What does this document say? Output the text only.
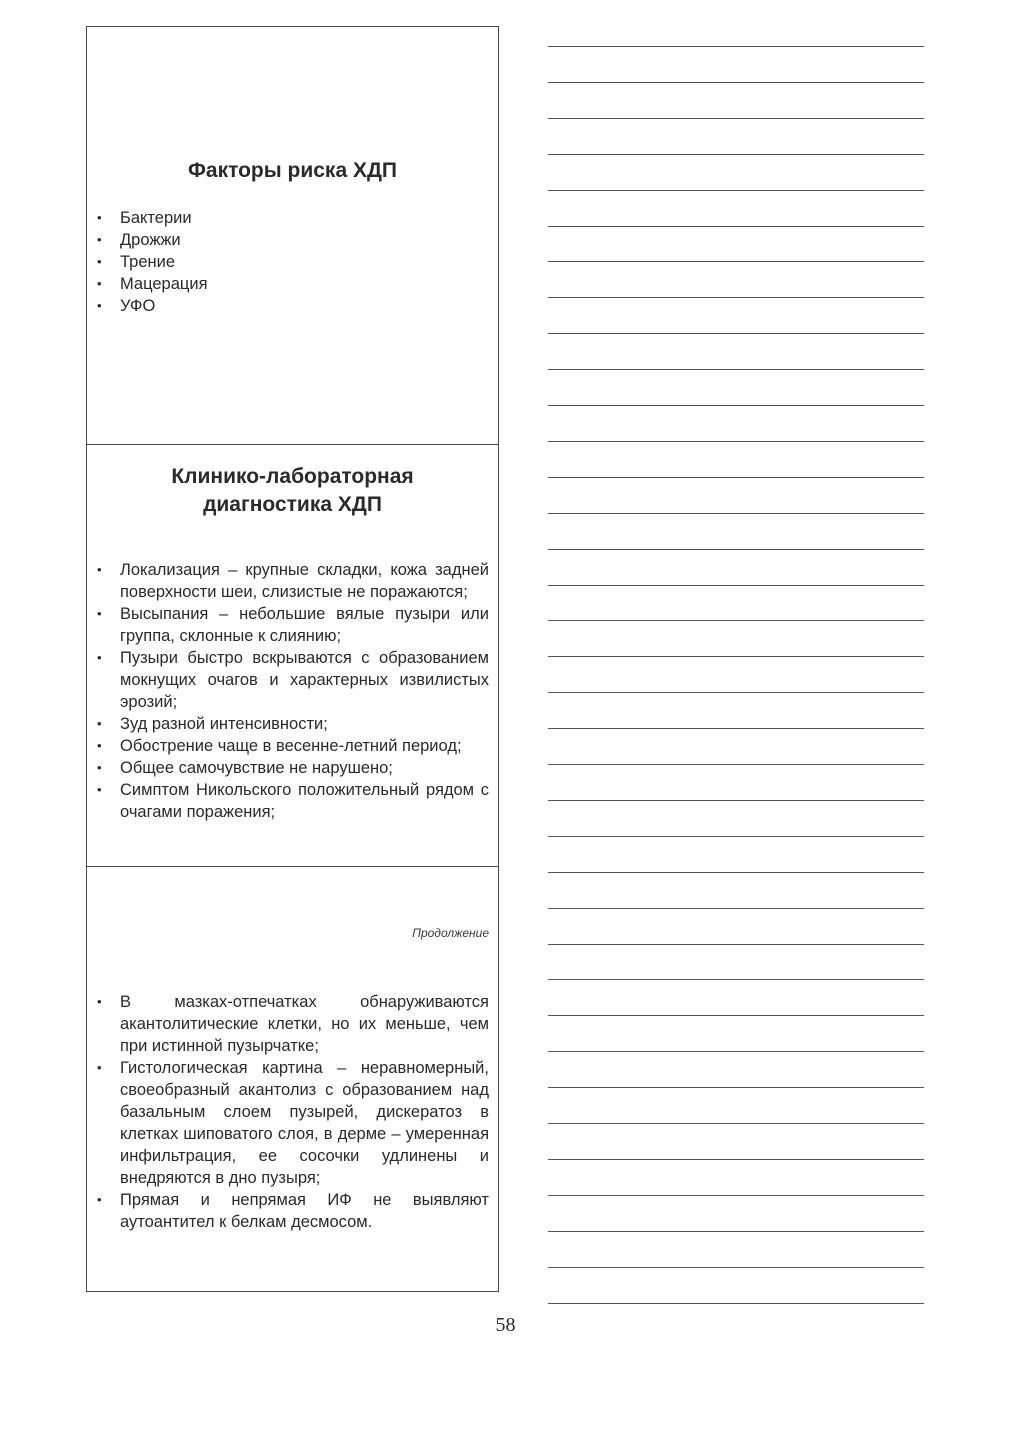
Факторы риска ХДП
• Бактерии
• Дрожжи
• Трение
• Мацерация
• УФО
Клинико-лабораторная
диагностика ХДП
• Локализация – крупные складки, кожа задней поверхности шеи, слизистые не поражаются;
• Высыпания – небольшие вялые пузыри или группа, склонные к слиянию;
• Пузыри быстро вскрываются с образованием мокнущих очагов и характерных извилистых эрозий;
• Зуд разной интенсивности;
• Обострение чаще в весенне-летний период;
• Общее самочувствие не нарушено;
• Симптом Никольского положительный рядом с очагами поражения;
Продолжение
• В мазках-отпечатках обнаруживаются акантолитические клетки, но их меньше, чем при истинной пузырчатке;
• Гистологическая картина – неравномерный, своеобразный акантолиз с образованием над базальным слоем пузырей, дискератоз в клетках шиповатого слоя, в дерме – умеренная инфильтрация, ее сосочки удлинены и внедряются в дно пузыря;
• Прямая и непрямая ИФ не выявляют аутоантител к белкам десмосом.
58
